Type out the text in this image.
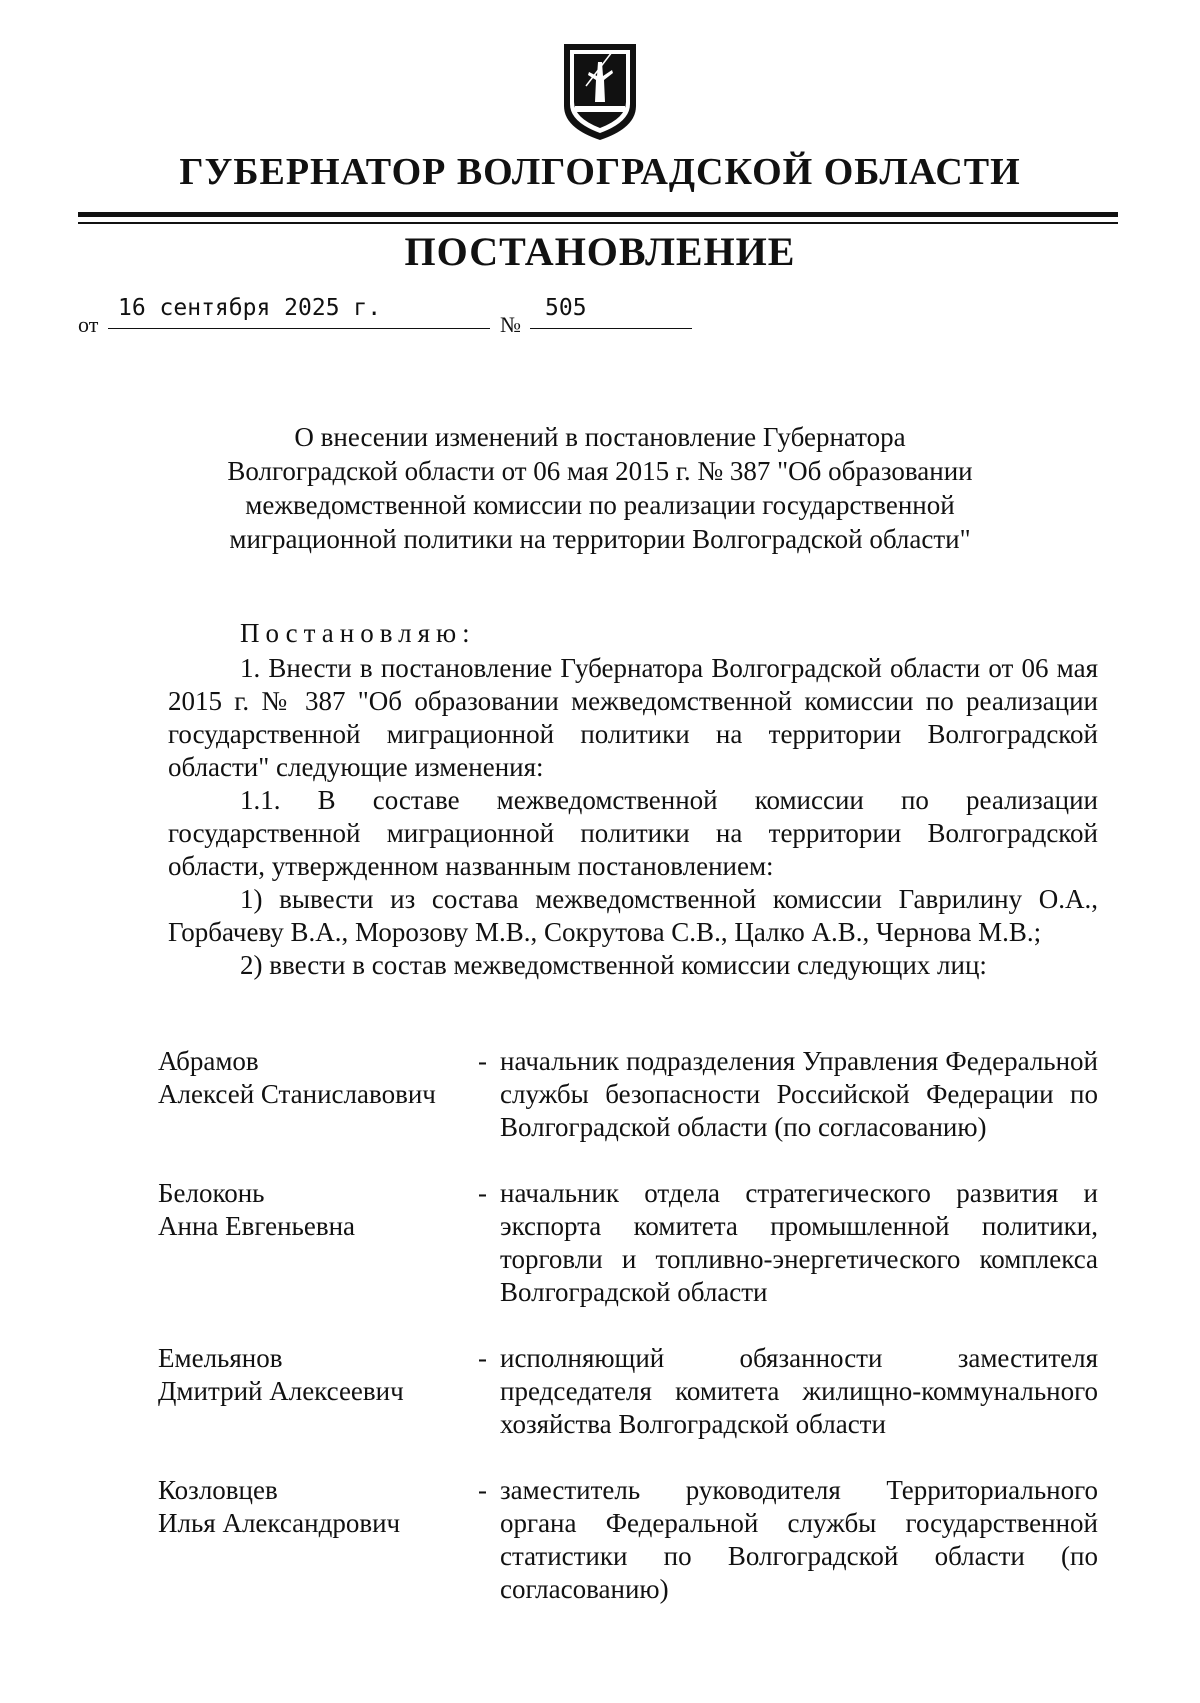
ГУБЕРНАТОР ВОЛГОГРАДСКОЙ ОБЛАСТИ
ПОСТАНОВЛЕНИЕ
от
16 сентября 2025 г.
№
505
О внесении изменений в постановление Губернатора
Волгоградской области от 06 мая 2015 г. № 387 "Об образовании
межведомственной комиссии по реализации государственной
миграционной политики на территории Волгоградской области"
Постановляю:

1. Внести в постановление Губернатора Волгоградской области от 06 мая 2015 г. № 387 "Об образовании межведомственной комиссии по реализации государственной миграционной политики на территории Волгоградской области" следующие изменения:

1.1. В составе межведомственной комиссии по реализации государственной миграционной политики на территории Волгоградской области, утвержденном названным постановлением:

1) вывести из состава межведомственной комиссии Гаврилину О.А., Горбачеву В.А., Морозову М.В., Сокрутова С.В., Цалко А.В., Чернова М.В.;

2) ввести в состав межведомственной комиссии следующих лиц:

Абрамов
Алексей Станиславович
- начальник подразделения Управления Федеральной службы безопасности Российской Федерации по Волгоградской области (по согласованию)
Белоконь
Анна Евгеньевна
- начальник отдела стратегического развития и экспорта комитета промышленной политики, торговли и топливно-энергетического комплекса Волгоградской области
Емельянов
Дмитрий Алексеевич
- исполняющий обязанности заместителя председателя комитета жилищно-коммунального хозяйства Волгоградской области
Козловцев
Илья Александрович
- заместитель руководителя Территориального органа Федеральной службы государственной статистики по Волгоградской области (по согласованию)
